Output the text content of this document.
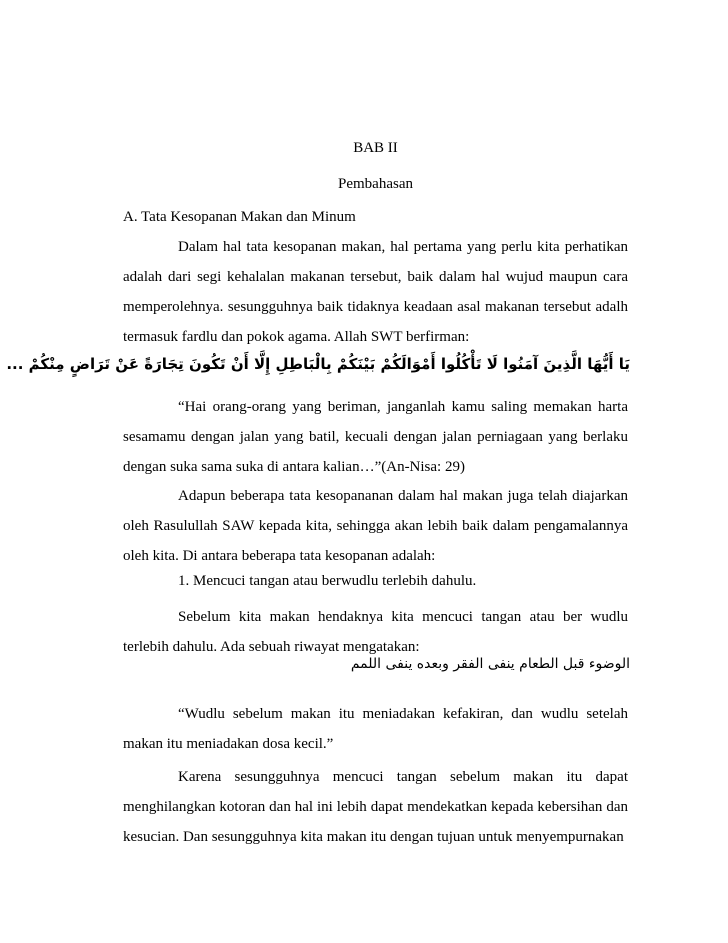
BAB II
Pembahasan
A. Tata Kesopanan Makan dan Minum
Dalam hal tata kesopanan makan, hal pertama yang perlu kita perhatikan adalah dari segi kehalalan makanan tersebut, baik dalam hal wujud maupun cara memperolehnya. sesungguhnya baik tidaknya keadaan asal makanan tersebut adalh termasuk fardlu dan pokok agama. Allah SWT berfirman:
يَا أَيُّهَا الَّذِينَ آمَنُوا لَا تَأْكُلُوا أَمْوَالَكُمْ بَيْنَكُمْ بِالْبَاطِلِ إِلَّا أَنْ تَكُونَ تِجَارَةً عَنْ تَرَاضٍ مِنْكُمْ ...
“Hai orang-orang yang beriman, janganlah kamu saling memakan harta sesamamu dengan jalan yang batil, kecuali dengan jalan perniagaan yang berlaku dengan suka sama suka di antara kalian…”(An-Nisa: 29)
Adapun beberapa tata kesopananan dalam hal makan juga telah diajarkan oleh Rasulullah SAW kepada kita, sehingga akan lebih baik dalam pengamalannya oleh kita. Di antara beberapa tata kesopanan adalah:
1. Mencuci tangan atau berwudlu terlebih dahulu.
Sebelum kita makan hendaknya kita mencuci tangan atau ber wudlu terlebih dahulu. Ada sebuah riwayat mengatakan:
الوضوء قبل الطعام ينفى الفقر وبعده ينفى اللمم
“Wudlu sebelum makan itu meniadakan kefakiran, dan wudlu setelah makan itu meniadakan dosa kecil.”
Karena sesungguhnya mencuci tangan sebelum makan itu dapat menghilangkan kotoran dan hal ini lebih dapat mendekatkan kepada kebersihan dan kesucian. Dan sesungguhnya kita makan itu dengan tujuan untuk menyempurnakan
